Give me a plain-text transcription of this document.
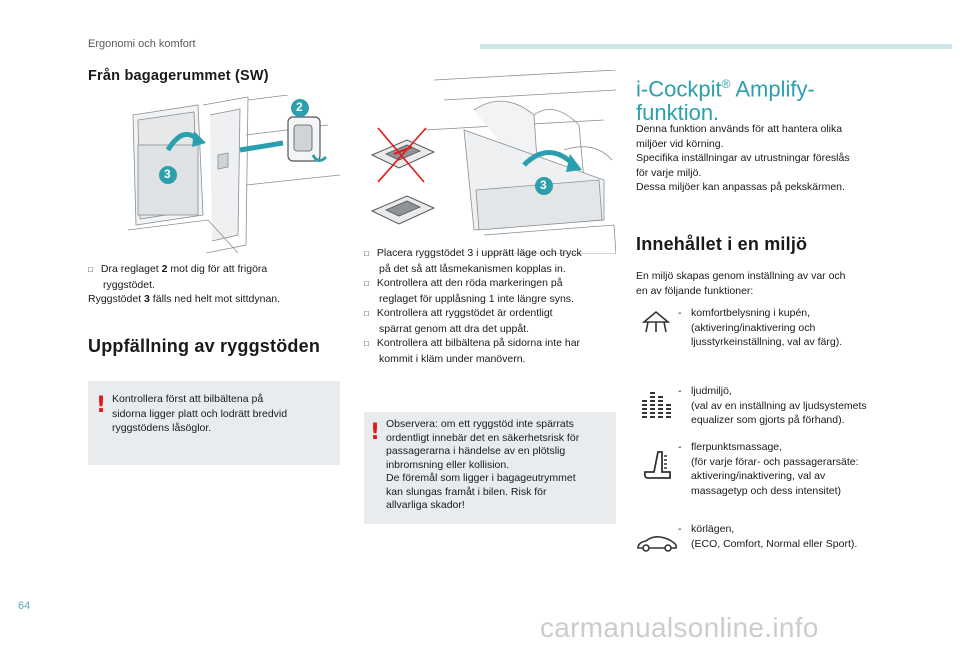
Ergonomi och komfort
Från bagagerummet (SW)
2
3
□ Dra reglaget 2 mot dig för att frigöra
ryggstödet.
Ryggstödet 3 fälls ned helt mot sittdynan.
Uppfällning av ryggstöden
! Kontrollera först att bilbältena på
sidorna ligger platt och lodrätt bredvid
ryggstödens låsöglor.
3
□ Placera ryggstödet 3 i upprätt läge och tryck
på det så att låsmekanismen kopplas in.
□ Kontrollera att den röda markeringen på
reglaget för upplåsning 1 inte längre syns.
□ Kontrollera att ryggstödet är ordentligt
spärrat genom att dra det uppåt.
□ Kontrollera att bilbältena på sidorna inte har
kommit i kläm under manövern.
! Observera: om ett ryggstöd inte spärrats
ordentligt innebär det en säkerhetsrisk för
passagerarna i händelse av en plötslig
inbromsning eller kollision.
De föremål som ligger i bagageutrymmet
kan slungas framåt i bilen. Risk för
allvarliga skador!
i-Cockpit® Amplify-
funktion.
Denna funktion används för att hantera olika
miljöer vid körning.
Specifika inställningar av utrustningar föreslås
för varje miljö.
Dessa miljöer kan anpassas på pekskärmen.
Innehållet i en miljö
En miljö skapas genom inställning av var och
en av följande funktioner:
- komfortbelysning i kupén,
(aktivering/inaktivering och
ljusstyrkeinställning, val av färg).
- ljudmiljö,
(val av en inställning av ljudsystemets
equalizer som gjorts på förhand).
- flerpunktsmassage,
(för varje förar- och passagerarsäte:
aktivering/inaktivering, val av
massagetyp och dess intensitet)
- körlägen,
(ECO, Comfort, Normal eller Sport).
64
carmanualsonline.info
